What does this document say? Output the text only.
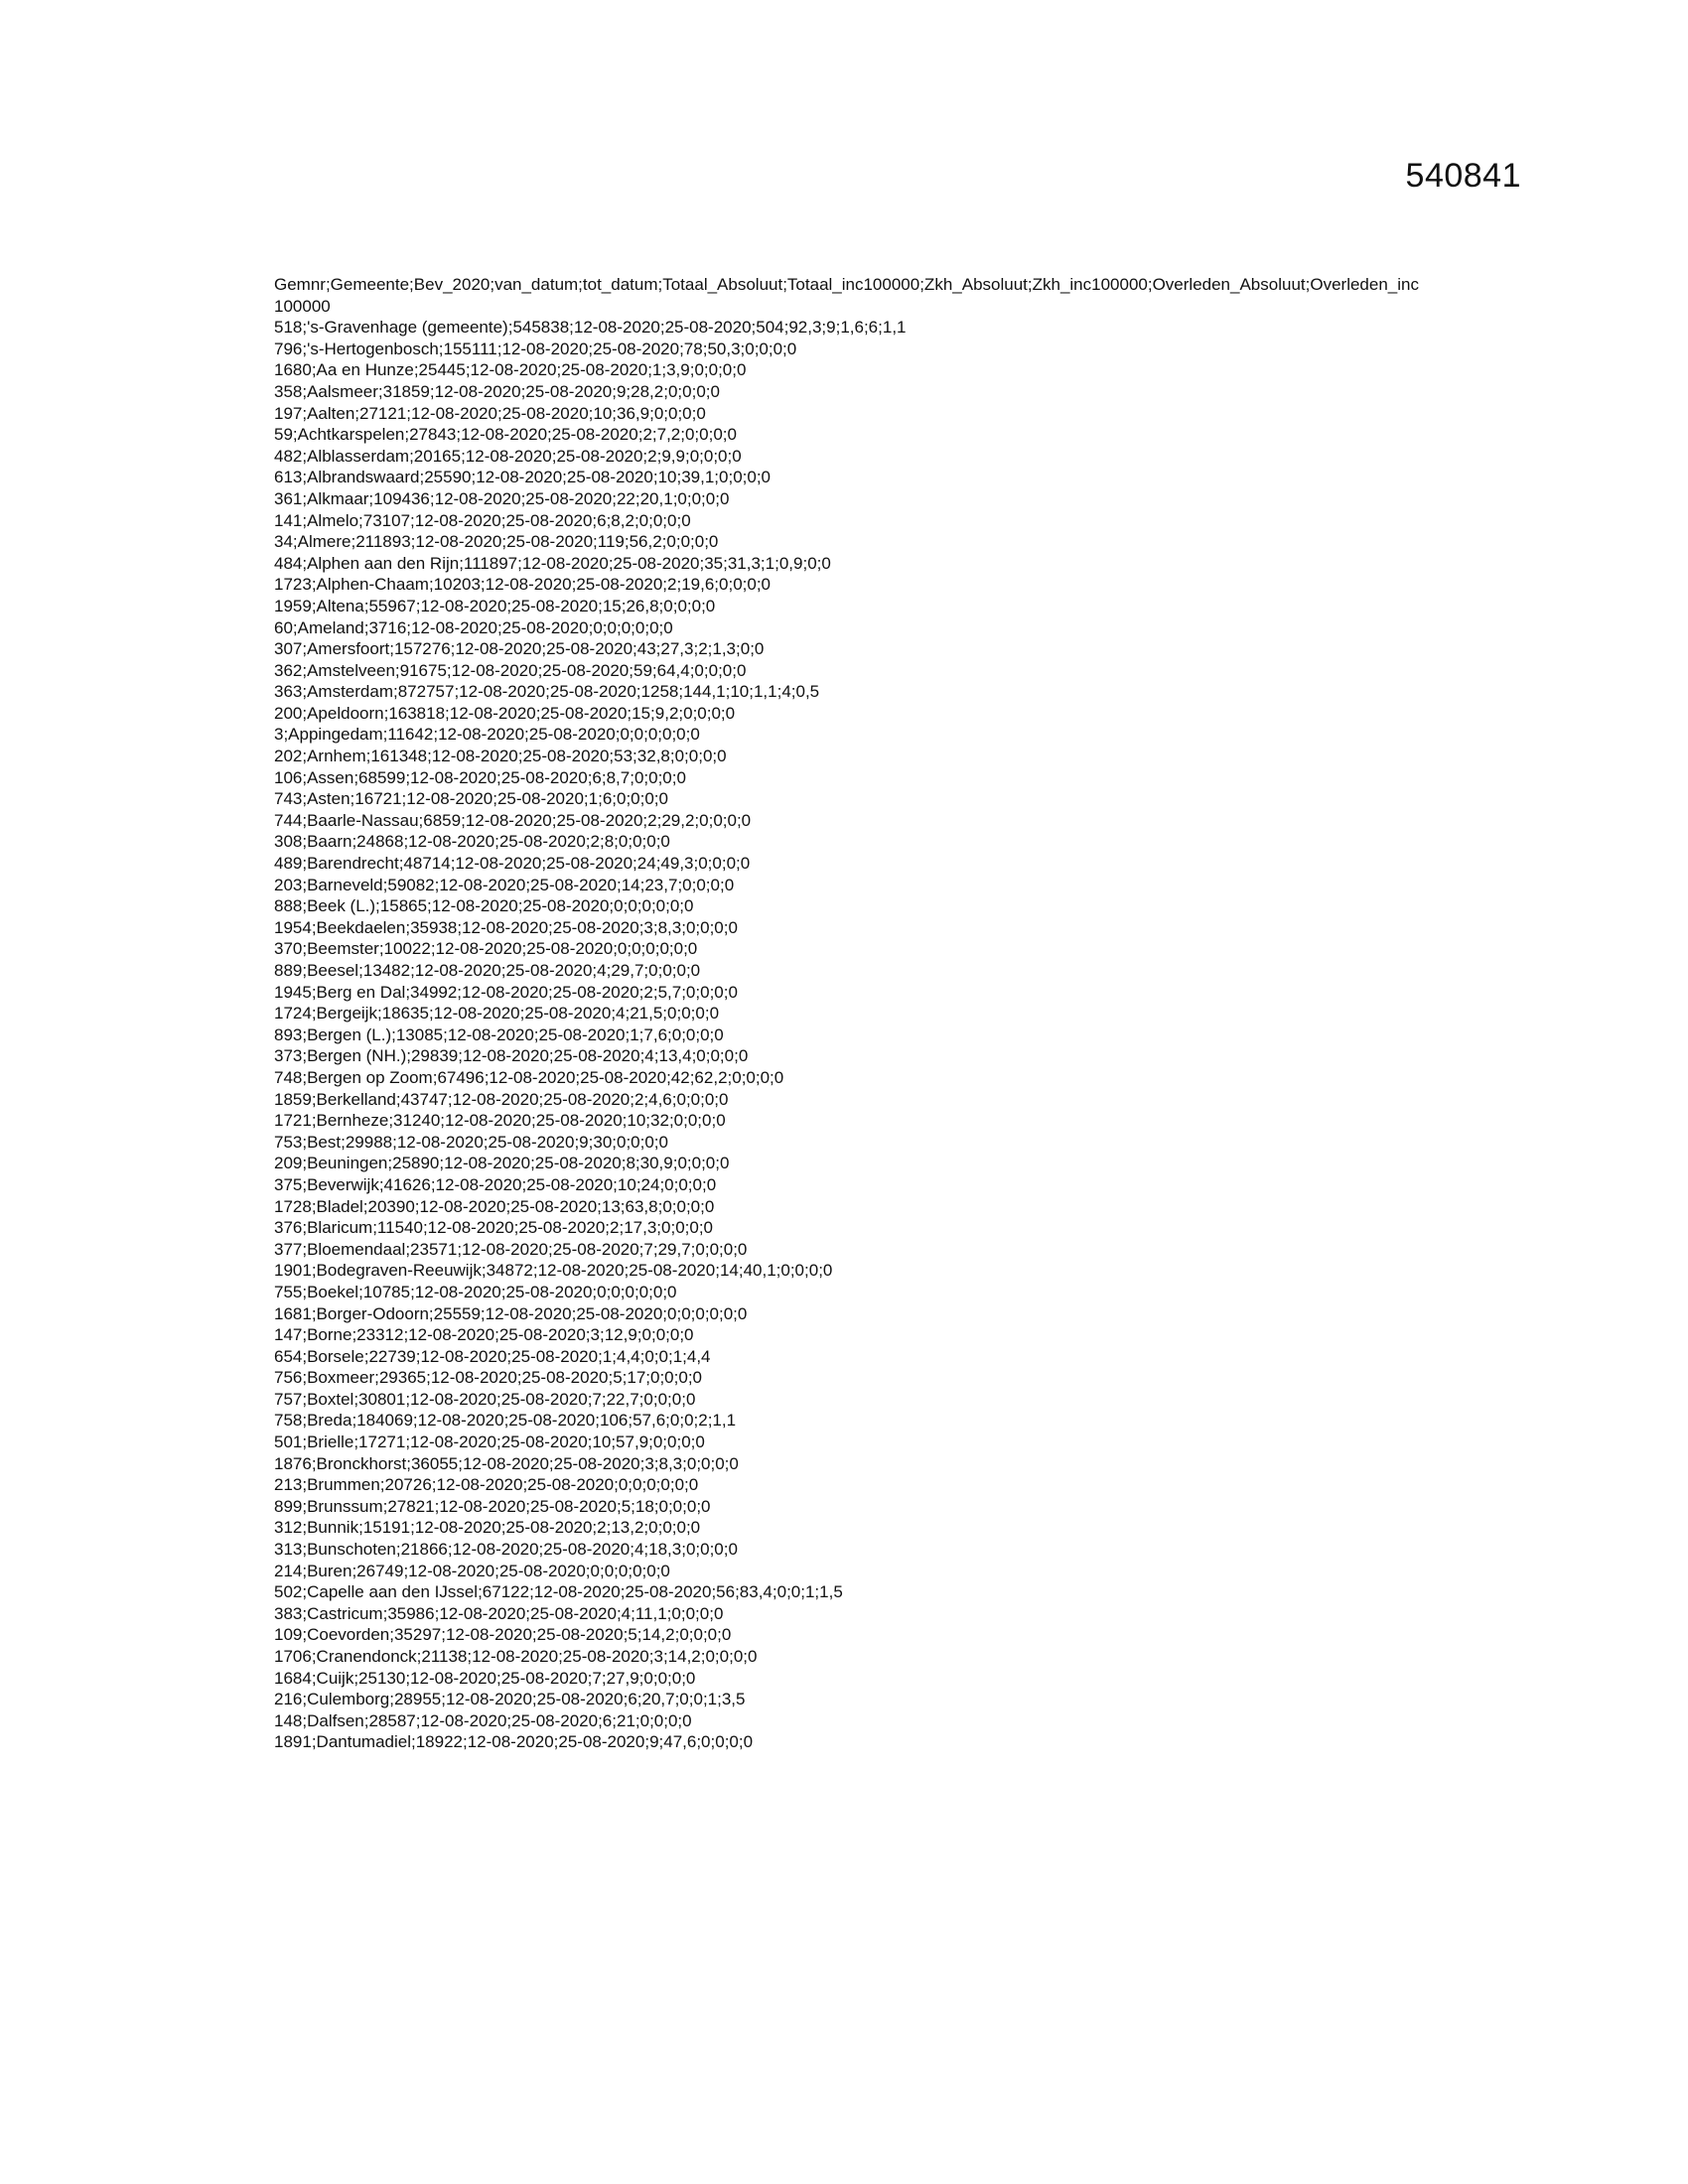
540841

Gemnr;Gemeente;Bev_2020;van_datum;tot_datum;Totaal_Absoluut;Totaal_inc100000;Zkh_Absoluut;Zkh_inc100000;Overleden_Absoluut;Overleden_inc100000

518;'s-Gravenhage (gemeente);545838;12-08-2020;25-08-2020;504;92,3;9;1,6;6;1,1
796;'s-Hertogenbosch;155111;12-08-2020;25-08-2020;78;50,3;0;0;0;0
1680;Aa en Hunze;25445;12-08-2020;25-08-2020;1;3,9;0;0;0;0
358;Aalsmeer;31859;12-08-2020;25-08-2020;9;28,2;0;0;0;0
197;Aalten;27121;12-08-2020;25-08-2020;10;36,9;0;0;0;0
59;Achtkarspelen;27843;12-08-2020;25-08-2020;2;7,2;0;0;0;0
482;Alblasserdam;20165;12-08-2020;25-08-2020;2;9,9;0;0;0;0
613;Albrandswaard;25590;12-08-2020;25-08-2020;10;39,1;0;0;0;0
361;Alkmaar;109436;12-08-2020;25-08-2020;22;20,1;0;0;0;0
141;Almelo;73107;12-08-2020;25-08-2020;6;8,2;0;0;0;0
34;Almere;211893;12-08-2020;25-08-2020;119;56,2;0;0;0;0
484;Alphen aan den Rijn;111897;12-08-2020;25-08-2020;35;31,3;1;0,9;0;0
1723;Alphen-Chaam;10203;12-08-2020;25-08-2020;2;19,6;0;0;0;0
1959;Altena;55967;12-08-2020;25-08-2020;15;26,8;0;0;0;0
60;Ameland;3716;12-08-2020;25-08-2020;0;0;0;0;0;0
307;Amersfoort;157276;12-08-2020;25-08-2020;43;27,3;2;1,3;0;0
362;Amstelveen;91675;12-08-2020;25-08-2020;59;64,4;0;0;0;0
363;Amsterdam;872757;12-08-2020;25-08-2020;1258;144,1;10;1,1;4;0,5
200;Apeldoorn;163818;12-08-2020;25-08-2020;15;9,2;0;0;0;0
3;Appingedam;11642;12-08-2020;25-08-2020;0;0;0;0;0;0
202;Arnhem;161348;12-08-2020;25-08-2020;53;32,8;0;0;0;0
106;Assen;68599;12-08-2020;25-08-2020;6;8,7;0;0;0;0
743;Asten;16721;12-08-2020;25-08-2020;1;6;0;0;0;0
744;Baarle-Nassau;6859;12-08-2020;25-08-2020;2;29,2;0;0;0;0
308;Baarn;24868;12-08-2020;25-08-2020;2;8;0;0;0;0
489;Barendrecht;48714;12-08-2020;25-08-2020;24;49,3;0;0;0;0
203;Barneveld;59082;12-08-2020;25-08-2020;14;23,7;0;0;0;0
888;Beek (L.);15865;12-08-2020;25-08-2020;0;0;0;0;0;0
1954;Beekdaelen;35938;12-08-2020;25-08-2020;3;8,3;0;0;0;0
370;Beemster;10022;12-08-2020;25-08-2020;0;0;0;0;0;0
889;Beesel;13482;12-08-2020;25-08-2020;4;29,7;0;0;0;0
1945;Berg en Dal;34992;12-08-2020;25-08-2020;2;5,7;0;0;0;0
1724;Bergeijk;18635;12-08-2020;25-08-2020;4;21,5;0;0;0;0
893;Bergen (L.);13085;12-08-2020;25-08-2020;1;7,6;0;0;0;0
373;Bergen (NH.);29839;12-08-2020;25-08-2020;4;13,4;0;0;0;0
748;Bergen op Zoom;67496;12-08-2020;25-08-2020;42;62,2;0;0;0;0
1859;Berkelland;43747;12-08-2020;25-08-2020;2;4,6;0;0;0;0
1721;Bernheze;31240;12-08-2020;25-08-2020;10;32;0;0;0;0
753;Best;29988;12-08-2020;25-08-2020;9;30;0;0;0;0
209;Beuningen;25890;12-08-2020;25-08-2020;8;30,9;0;0;0;0
375;Beverwijk;41626;12-08-2020;25-08-2020;10;24;0;0;0;0
1728;Bladel;20390;12-08-2020;25-08-2020;13;63,8;0;0;0;0
376;Blaricum;11540;12-08-2020;25-08-2020;2;17,3;0;0;0;0
377;Bloemendaal;23571;12-08-2020;25-08-2020;7;29,7;0;0;0;0
1901;Bodegraven-Reeuwijk;34872;12-08-2020;25-08-2020;14;40,1;0;0;0;0
755;Boekel;10785;12-08-2020;25-08-2020;0;0;0;0;0;0
1681;Borger-Odoorn;25559;12-08-2020;25-08-2020;0;0;0;0;0;0
147;Borne;23312;12-08-2020;25-08-2020;3;12,9;0;0;0;0
654;Borsele;22739;12-08-2020;25-08-2020;1;4,4;0;0;1;4,4
756;Boxmeer;29365;12-08-2020;25-08-2020;5;17;0;0;0;0
757;Boxtel;30801;12-08-2020;25-08-2020;7;22,7;0;0;0;0
758;Breda;184069;12-08-2020;25-08-2020;106;57,6;0;0;2;1,1
501;Brielle;17271;12-08-2020;25-08-2020;10;57,9;0;0;0;0
1876;Bronckhorst;36055;12-08-2020;25-08-2020;3;8,3;0;0;0;0
213;Brummen;20726;12-08-2020;25-08-2020;0;0;0;0;0;0
899;Brunssum;27821;12-08-2020;25-08-2020;5;18;0;0;0;0
312;Bunnik;15191;12-08-2020;25-08-2020;2;13,2;0;0;0;0
313;Bunschoten;21866;12-08-2020;25-08-2020;4;18,3;0;0;0;0
214;Buren;26749;12-08-2020;25-08-2020;0;0;0;0;0;0
502;Capelle aan den IJssel;67122;12-08-2020;25-08-2020;56;83,4;0;0;1;1,5
383;Castricum;35986;12-08-2020;25-08-2020;4;11,1;0;0;0;0
109;Coevorden;35297;12-08-2020;25-08-2020;5;14,2;0;0;0;0
1706;Cranendonck;21138;12-08-2020;25-08-2020;3;14,2;0;0;0;0
1684;Cuijk;25130;12-08-2020;25-08-2020;7;27,9;0;0;0;0
216;Culemborg;28955;12-08-2020;25-08-2020;6;20,7;0;0;1;3,5
148;Dalfsen;28587;12-08-2020;25-08-2020;6;21;0;0;0;0
1891;Dantumadiel;18922;12-08-2020;25-08-2020;9;47,6;0;0;0;0
